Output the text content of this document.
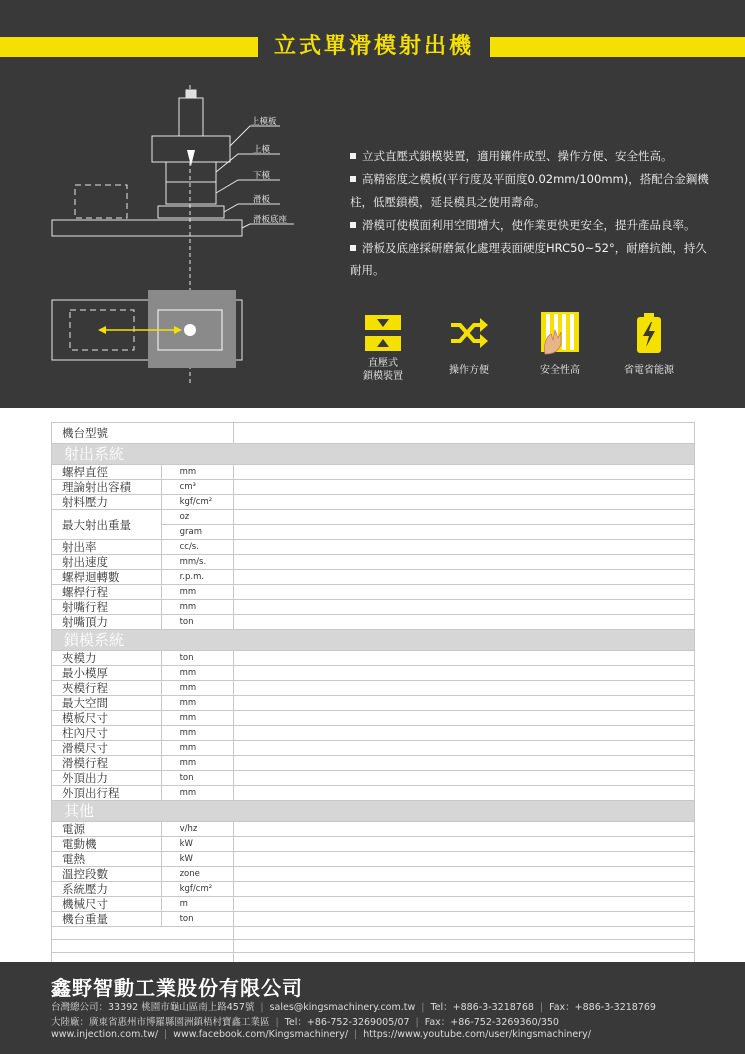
立式單滑模射出機
上模板
上模
下模
滑板
滑板底座
立式直壓式鎖模裝置，適用鑲件成型、操作方便、安全性高。
高精密度之模板(平行度及平面度0.02mm/100mm)，搭配合金鋼機
柱，低壓鎖模，延長模具之使用壽命。
滑模可使模面利用空間增大，使作業更快更安全，提升產品良率。
滑板及底座採研磨氮化處理表面硬度HRC50~52°，耐磨抗蝕，持久
耐用。
直壓式
鎖模裝置
操作方便	安全性高	省電省能源
機台型號		
射出系統		
螺桿直徑	mm	
理論射出容積	cm³	
射料壓力	kgf/cm²	
最大射出重量	oz	
	gram	
射出率	cc/s.	
射出速度	mm/s.	
螺桿迴轉數	r.p.m.	
螺桿行程	mm	
射嘴行程	mm	
射嘴頂力	ton	
鎖模系統		
夾模力	ton	
最小模厚	mm	
夾模行程	mm	
最大空間	mm	
模板尺寸	mm	
柱內尺寸	mm	
滑模尺寸	mm	
滑模行程	mm	
外頂出力	ton	
外頂出行程	mm	
其他		
電源	v/hz	
電動機	kW	
電熱	kW	
溫控段數	zone	
系統壓力	kgf/cm²	
機械尺寸	m	
機台重量	ton	

鑫野智動工業股份有限公司
台灣總公司：33392 桃園市龜山區南上路457號 | sales@kingsmachinery.com.tw | Tel：+886-3-3218768 | Fax：+886-3-3218769
大陸廠：廣東省惠州市博羅縣園洲鎮梧村寶鑫工業區 | Tel：+86-752-3269005/07 | Fax：+86-752-3269360/350
www.injection.com.tw/ | www.facebook.com/Kingsmachinery/ | https://www.youtube.com/user/kingsmachinery/
